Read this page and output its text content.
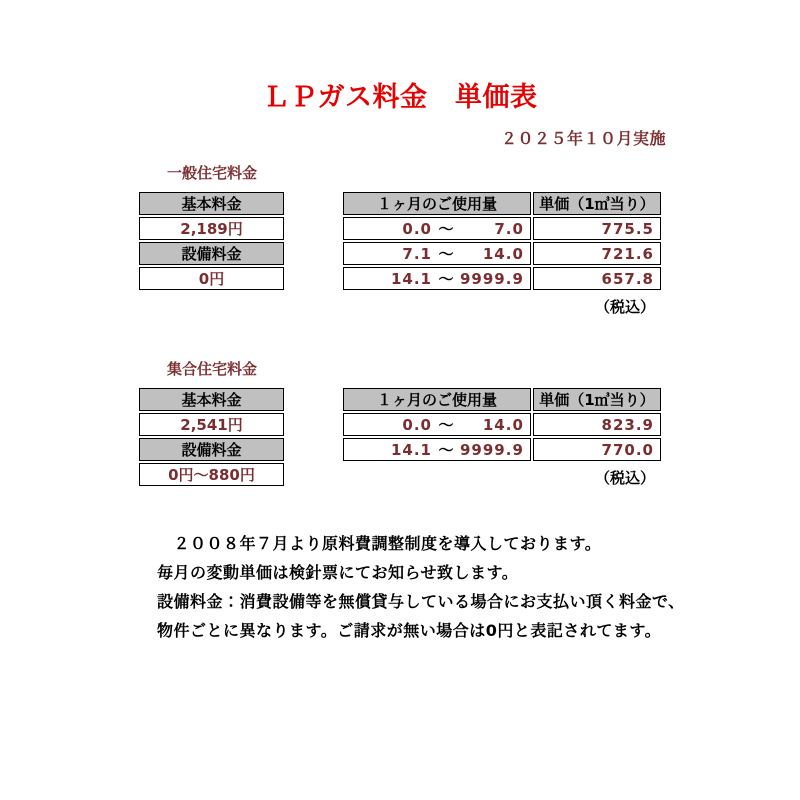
ＬＰガス料金　単価表
２０２５年１０月実施
一般住宅料金
基本料金
2,189円
設備料金
0円
１ヶ月のご使用量	単価（1㎥当り）

0.0 ～ 7.0	775.5

7.1 ～ 14.0	721.6

14.1 ～ 9999.9	657.8
（税込）
集合住宅料金
基本料金
2,541円
設備料金
0円～880円
１ヶ月のご使用量	単価（1㎥当り）

0.0 ～ 14.0	823.9

14.1 ～ 9999.9	770.0
（税込）
　２００８年７月より原料費調整制度を導入しております。
毎月の変動単価は検針票にてお知らせ致します。
設備料金：消費設備等を無償貸与している場合にお支払い頂く料金で、
物件ごとに異なります。ご請求が無い場合は0円と表記されてます。
